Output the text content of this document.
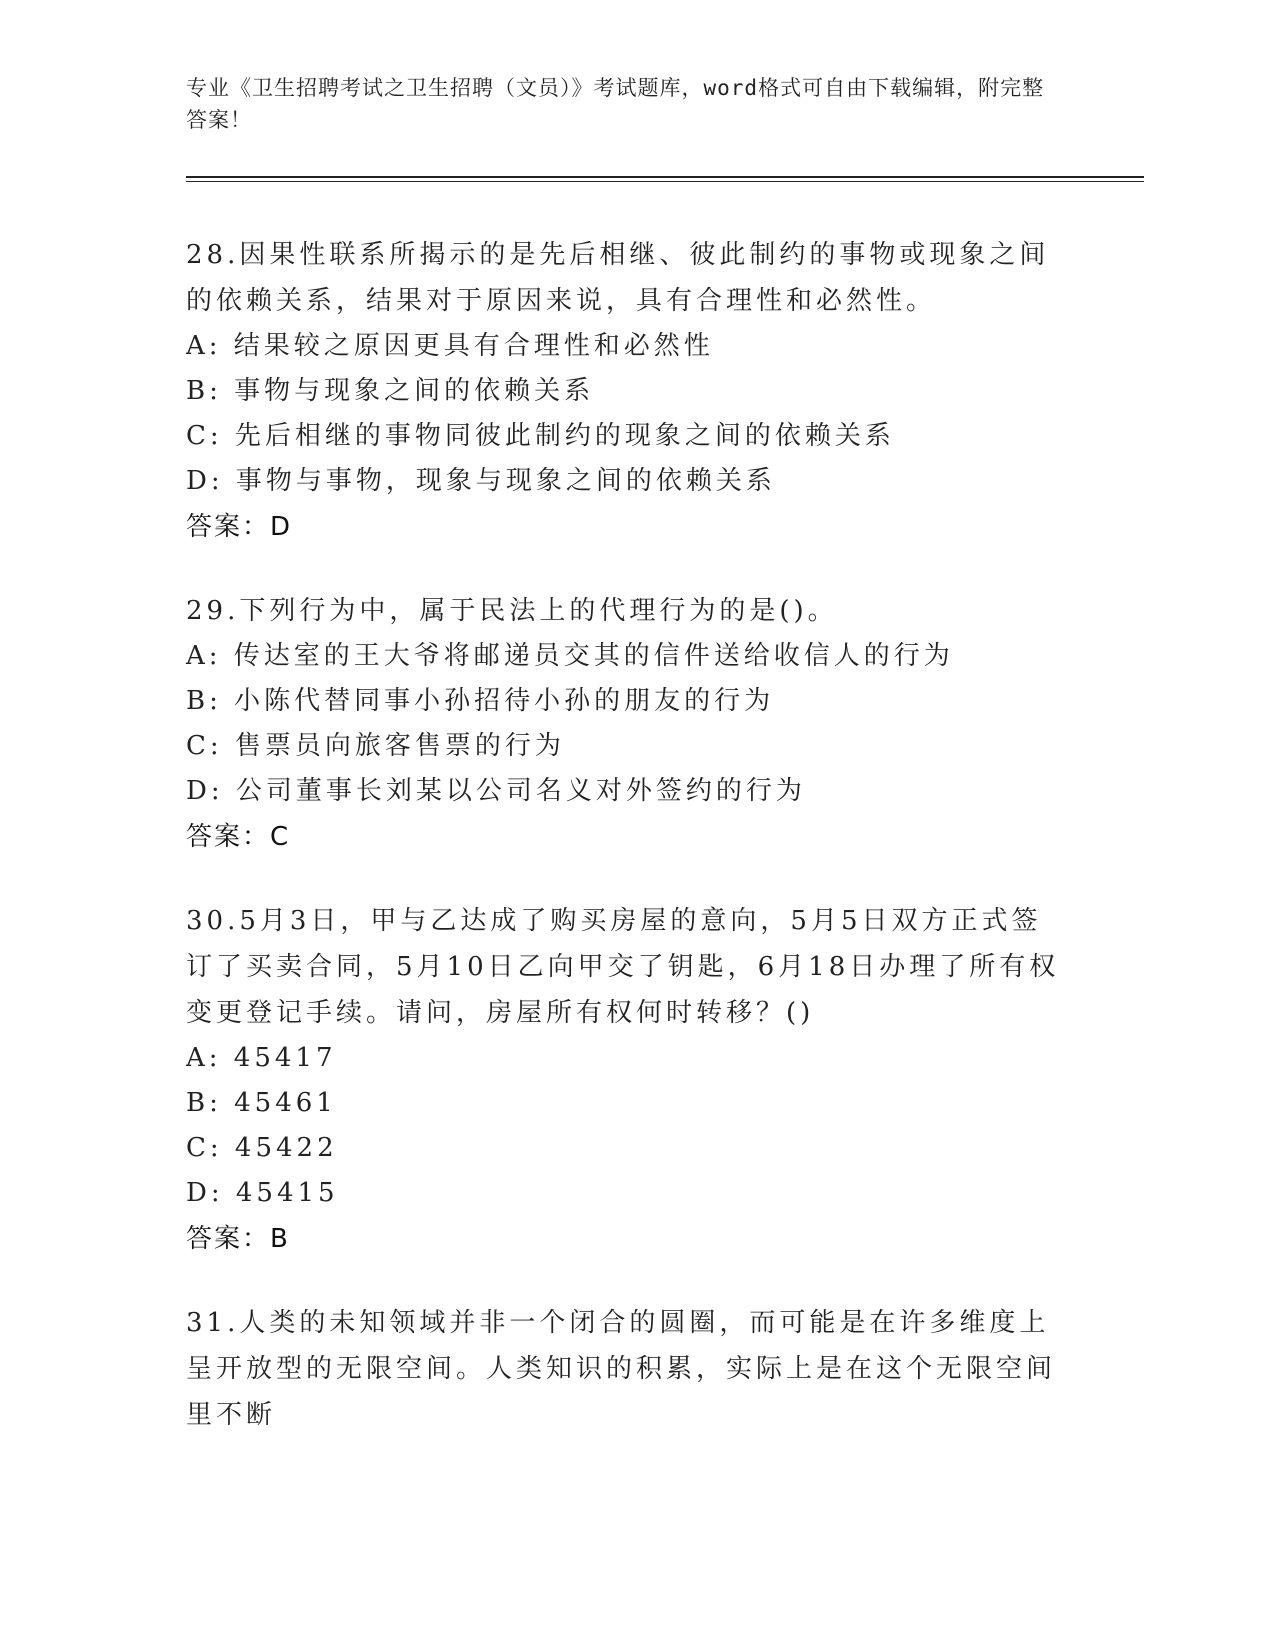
专业《卫生招聘考试之卫生招聘（文员）》考试题库，word格式可自由下载编辑，附完整答案！

28.因果性联系所揭示的是先后相继、彼此制约的事物或现象之间的依赖关系，结果对于原因来说，具有合理性和必然性。

A: 结果较之原因更具有合理性和必然性

B: 事物与现象之间的依赖关系

C: 先后相继的事物同彼此制约的现象之间的依赖关系

D: 事物与事物，现象与现象之间的依赖关系

答案：D

29.下列行为中，属于民法上的代理行为的是()。

A: 传达室的王大爷将邮递员交其的信件送给收信人的行为

B: 小陈代替同事小孙招待小孙的朋友的行为

C: 售票员向旅客售票的行为

D: 公司董事长刘某以公司名义对外签约的行为

答案：C

30.5月3日，甲与乙达成了购买房屋的意向，5月5日双方正式签订了买卖合同，5月10日乙向甲交了钥匙，6月18日办理了所有权变更登记手续。请问，房屋所有权何时转移？()

A: 45417

B: 45461

C: 45422

D: 45415

答案：B

31.人类的未知领域并非一个闭合的圆圈，而可能是在许多维度上呈开放型的无限空间。人类知识的积累，实际上是在这个无限空间里不断
